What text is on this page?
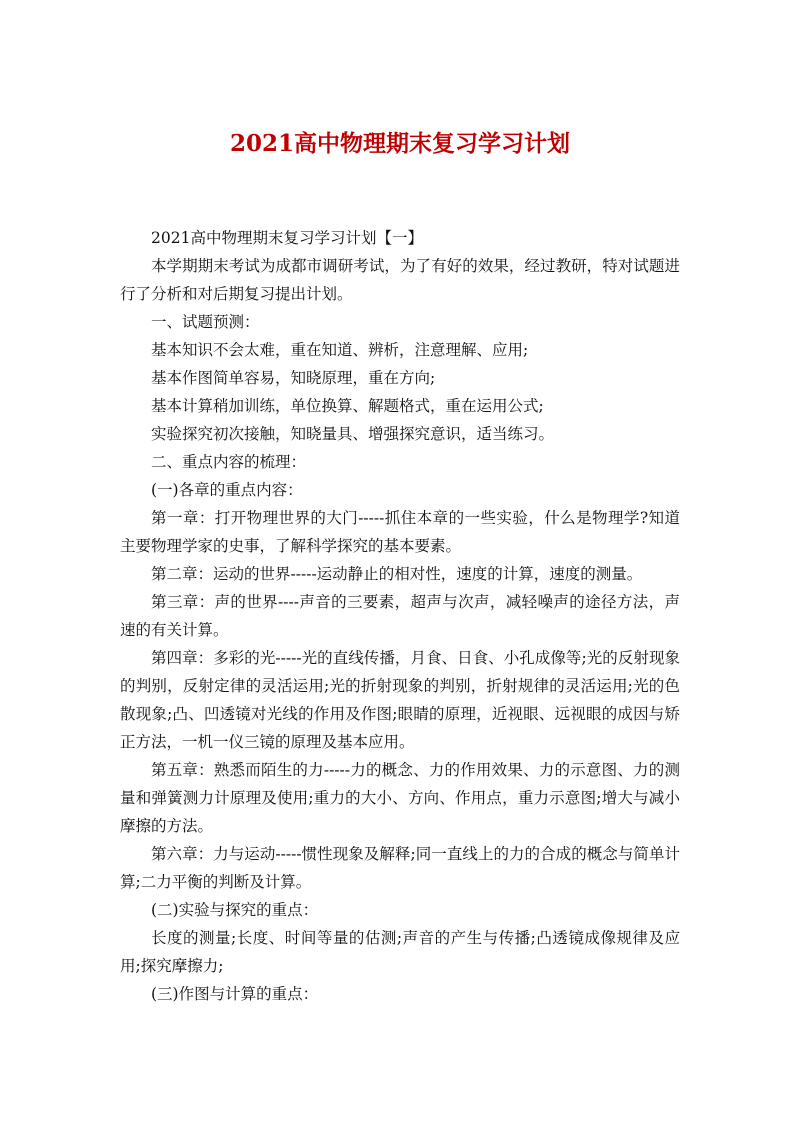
2021高中物理期末复习学习计划

2021高中物理期末复习学习计划【一】

本学期期末考试为成都市调研考试，为了有好的效果，经过教研，特对试题进行了分析和对后期复习提出计划。

一、试题预测：

基本知识不会太难，重在知道、辨析，注意理解、应用;

基本作图简单容易，知晓原理，重在方向;

基本计算稍加训练，单位换算、解题格式，重在运用公式;

实验探究初次接触，知晓量具、增强探究意识，适当练习。

二、重点内容的梳理：

(一)各章的重点内容：

第一章：打开物理世界的大门-----抓住本章的一些实验，什么是物理学?知道主要物理学家的史事，了解科学探究的基本要素。

第二章：运动的世界-----运动静止的相对性，速度的计算，速度的测量。

第三章：声的世界----声音的三要素，超声与次声，减轻噪声的途径方法，声速的有关计算。

第四章：多彩的光-----光的直线传播，月食、日食、小孔成像等;光的反射现象的判别，反射定律的灵活运用;光的折射现象的判别，折射规律的灵活运用;光的色散现象;凸、凹透镜对光线的作用及作图;眼睛的原理，近视眼、远视眼的成因与矫正方法，一机一仪三镜的原理及基本应用。

第五章：熟悉而陌生的力-----力的概念、力的作用效果、力的示意图、力的测量和弹簧测力计原理及使用;重力的大小、方向、作用点，重力示意图;增大与减小摩擦的方法。

第六章：力与运动-----惯性现象及解释;同一直线上的力的合成的概念与简单计算;二力平衡的判断及计算。

(二)实验与探究的重点：

长度的测量;长度、时间等量的估测;声音的产生与传播;凸透镜成像规律及应用;探究摩擦力;

(三)作图与计算的重点：
